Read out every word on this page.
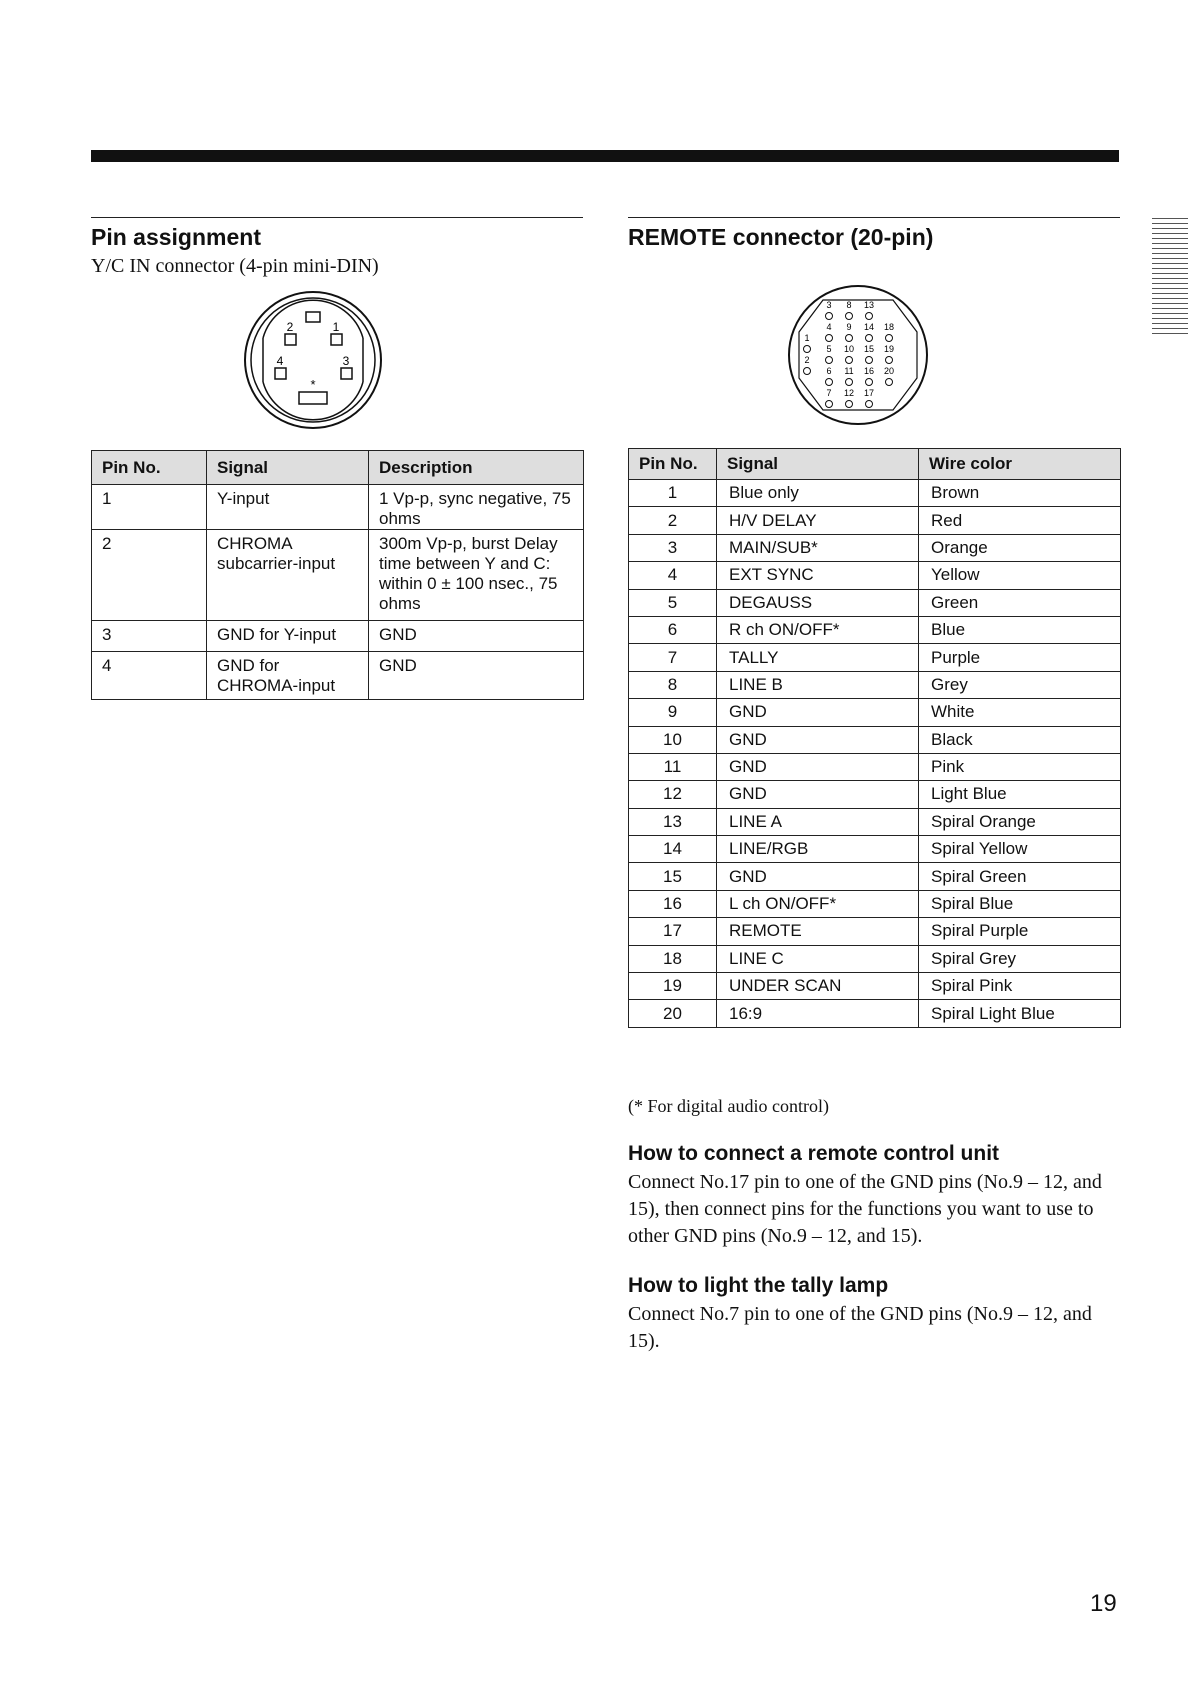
Pin assignment

Y/C IN connector (4-pin mini-DIN)

2	1
4	3
*
Pin No.	Signal	Description
1	Y-input	1 Vp-p, sync negative, 75 ohms
2	CHROMA subcarrier-input	300m Vp-p, burst Delay time between Y and C: within 0 ± 100 nsec., 75 ohms
3	GND for Y-input	GND
4	GND for CHROMA-input	GND
REMOTE connector (20-pin)
1
2
3
4
5
6
7
8
9
10
11
12
13
14
15
16
17
18
19
20
Pin No.	Signal	Wire color
1	Blue only	Brown
2	H/V DELAY	Red
3	MAIN/SUB*	Orange
4	EXT SYNC	Yellow
5	DEGAUSS	Green
6	R ch ON/OFF*	Blue
7	TALLY	Purple
8	LINE B	Grey
9	GND	White
10	GND	Black
11	GND	Pink
12	GND	Light Blue
13	LINE A	Spiral Orange
14	LINE/RGB	Spiral Yellow
15	GND	Spiral Green
16	L ch ON/OFF*	Spiral Blue
17	REMOTE	Spiral Purple
18	LINE C	Spiral Grey
19	UNDER SCAN	Spiral Pink
20	16:9	Spiral Light Blue

(* For digital audio control)

How to connect a remote control unit

Connect No.17 pin to one of the GND pins (No.9 – 12, and 15), then connect pins for the functions you want to use to other GND pins (No.9 – 12, and 15).

How to light the tally lamp

Connect No.7 pin to one of the GND pins (No.9 – 12, and 15).

19
